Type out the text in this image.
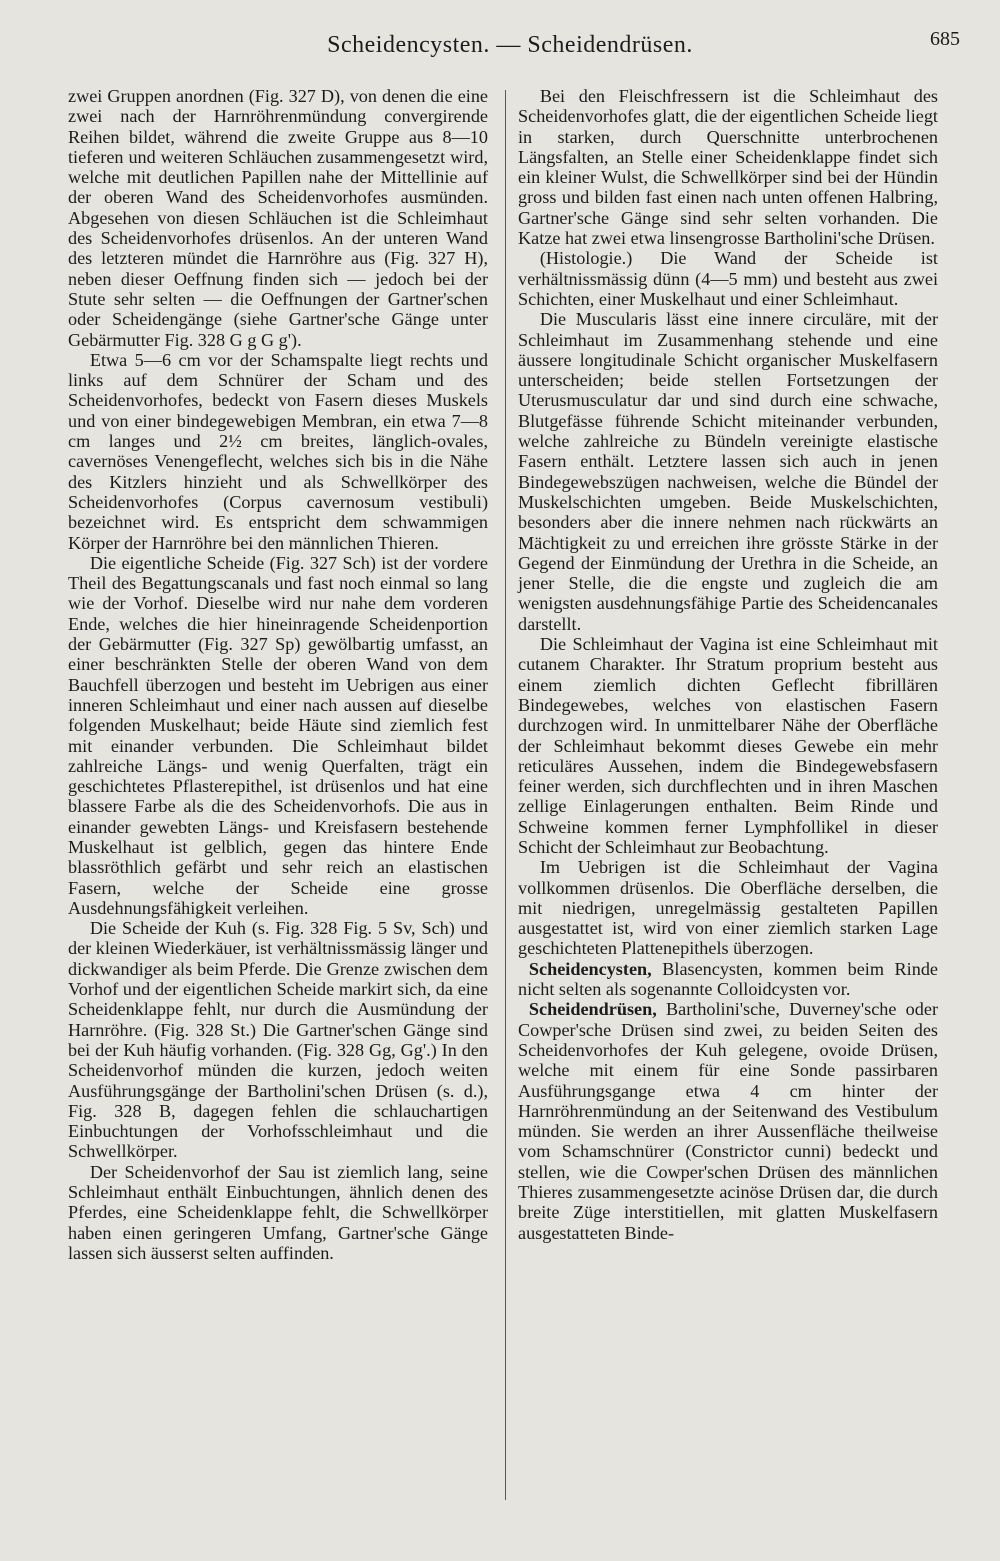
Scheidencysten. — Scheidendrüsen.	685

zwei Gruppen anordnen (Fig. 327 D), von denen die eine zwei nach der Harnröhrenmündung convergirende Reihen bildet, während die zweite Gruppe aus 8—10 tieferen und weiteren Schläuchen zusammengesetzt wird, welche mit deutlichen Papillen nahe der Mittellinie auf der oberen Wand des Scheidenvorhofes ausmünden. Abgesehen von diesen Schläuchen ist die Schleimhaut des Scheidenvorhofes drüsenlos. An der unteren Wand des letzteren mündet die Harnröhre aus (Fig. 327 H), neben dieser Oeffnung finden sich — jedoch bei der Stute sehr selten — die Oeffnungen der Gartner'schen oder Scheidengänge (siehe Gartner'sche Gänge unter Gebärmutter Fig. 328 G g G g').

Etwa 5—6 cm vor der Schamspalte liegt rechts und links auf dem Schnürer der Scham und des Scheidenvorhofes, bedeckt von Fasern dieses Muskels und von einer bindegewebigen Membran, ein etwa 7—8 cm langes und 2½ cm breites, länglich-ovales, cavernöses Venengeflecht, welches sich bis in die Nähe des Kitzlers hinzieht und als Schwellkörper des Scheidenvorhofes (Corpus cavernosum vestibuli) bezeichnet wird. Es entspricht dem schwammigen Körper der Harnröhre bei den männlichen Thieren.

Die eigentliche Scheide (Fig. 327 Sch) ist der vordere Theil des Begattungscanals und fast noch einmal so lang wie der Vorhof. Dieselbe wird nur nahe dem vorderen Ende, welches die hier hineinragende Scheidenportion der Gebärmutter (Fig. 327 Sp) gewölbartig umfasst, an einer beschränkten Stelle der oberen Wand von dem Bauchfell überzogen und besteht im Uebrigen aus einer inneren Schleimhaut und einer nach aussen auf dieselbe folgenden Muskelhaut; beide Häute sind ziemlich fest mit einander verbunden. Die Schleimhaut bildet zahlreiche Längs- und wenig Querfalten, trägt ein geschichtetes Pflasterepithel, ist drüsenlos und hat eine blassere Farbe als die des Scheidenvorhofs. Die aus in einander gewebten Längs- und Kreisfasern bestehende Muskelhaut ist gelblich, gegen das hintere Ende blassröthlich gefärbt und sehr reich an elastischen Fasern, welche der Scheide eine grosse Ausdehnungsfähigkeit verleihen.

Die Scheide der Kuh (s. Fig. 328 Fig. 5 Sv, Sch) und der kleinen Wiederkäuer, ist verhältnissmässig länger und dickwandiger als beim Pferde. Die Grenze zwischen dem Vorhof und der eigentlichen Scheide markirt sich, da eine Scheidenklappe fehlt, nur durch die Ausmündung der Harnröhre. (Fig. 328 St.) Die Gartner'schen Gänge sind bei der Kuh häufig vorhanden. (Fig. 328 Gg, Gg'.) In den Scheidenvorhof münden die kurzen, jedoch weiten Ausführungsgänge der Bartholini'schen Drüsen (s. d.), Fig. 328 B, dagegen fehlen die schlauchartigen Einbuchtungen der Vorhofsschleimhaut und die Schwellkörper.

Der Scheidenvorhof der Sau ist ziemlich lang, seine Schleimhaut enthält Einbuchtungen, ähnlich denen des Pferdes, eine Scheidenklappe fehlt, die Schwellkörper haben einen geringeren Umfang, Gartner'sche Gänge lassen sich äusserst selten auffinden.

Bei den Fleischfressern ist die Schleimhaut des Scheidenvorhofes glatt, die der eigentlichen Scheide liegt in starken, durch Querschnitte unterbrochenen Längsfalten, an Stelle einer Scheidenklappe findet sich ein kleiner Wulst, die Schwellkörper sind bei der Hündin gross und bilden fast einen nach unten offenen Halbring, Gartner'sche Gänge sind sehr selten vorhanden. Die Katze hat zwei etwa linsengrosse Bartholini'sche Drüsen.

(Histologie.) Die Wand der Scheide ist verhältnissmässig dünn (4—5 mm) und besteht aus zwei Schichten, einer Muskelhaut und einer Schleimhaut.

Die Muscularis lässt eine innere circuläre, mit der Schleimhaut im Zusammenhang stehende und eine äussere longitudinale Schicht organischer Muskelfasern unterscheiden; beide stellen Fortsetzungen der Uterusmusculatur dar und sind durch eine schwache, Blutgefässe führende Schicht miteinander verbunden, welche zahlreiche zu Bündeln vereinigte elastische Fasern enthält. Letztere lassen sich auch in jenen Bindegewebszügen nachweisen, welche die Bündel der Muskelschichten umgeben. Beide Muskelschichten, besonders aber die innere nehmen nach rückwärts an Mächtigkeit zu und erreichen ihre grösste Stärke in der Gegend der Einmündung der Urethra in die Scheide, an jener Stelle, die die engste und zugleich die am wenigsten ausdehnungsfähige Partie des Scheidencanales darstellt.

Die Schleimhaut der Vagina ist eine Schleimhaut mit cutanem Charakter. Ihr Stratum proprium besteht aus einem ziemlich dichten Geflecht fibrillären Bindegewebes, welches von elastischen Fasern durchzogen wird. In unmittelbarer Nähe der Oberfläche der Schleimhaut bekommt dieses Gewebe ein mehr reticuläres Aussehen, indem die Bindegewebsfasern feiner werden, sich durchflechten und in ihren Maschen zellige Einlagerungen enthalten. Beim Rinde und Schweine kommen ferner Lymphfollikel in dieser Schicht der Schleimhaut zur Beobachtung.

Im Uebrigen ist die Schleimhaut der Vagina vollkommen drüsenlos. Die Oberfläche derselben, die mit niedrigen, unregelmässig gestalteten Papillen ausgestattet ist, wird von einer ziemlich starken Lage geschichteten Plattenepithels überzogen.

Scheidencysten, Blasencysten, kommen beim Rinde nicht selten als sogenannte Colloidcysten vor.

Scheidendrüsen, Bartholini'sche, Duverney'sche oder Cowper'sche Drüsen sind zwei, zu beiden Seiten des Scheidenvorhofes der Kuh gelegene, ovoide Drüsen, welche mit einem für eine Sonde passirbaren Ausführungsgange etwa 4 cm hinter der Harnröhrenmündung an der Seitenwand des Vestibulum münden. Sie werden an ihrer Aussenfläche theilweise vom Schamschnürer (Constrictor cunni) bedeckt und stellen, wie die Cowper'schen Drüsen des männlichen Thieres zusammengesetzte acinöse Drüsen dar, die durch breite Züge interstitiellen, mit glatten Muskelfasern ausgestatteten Binde-
